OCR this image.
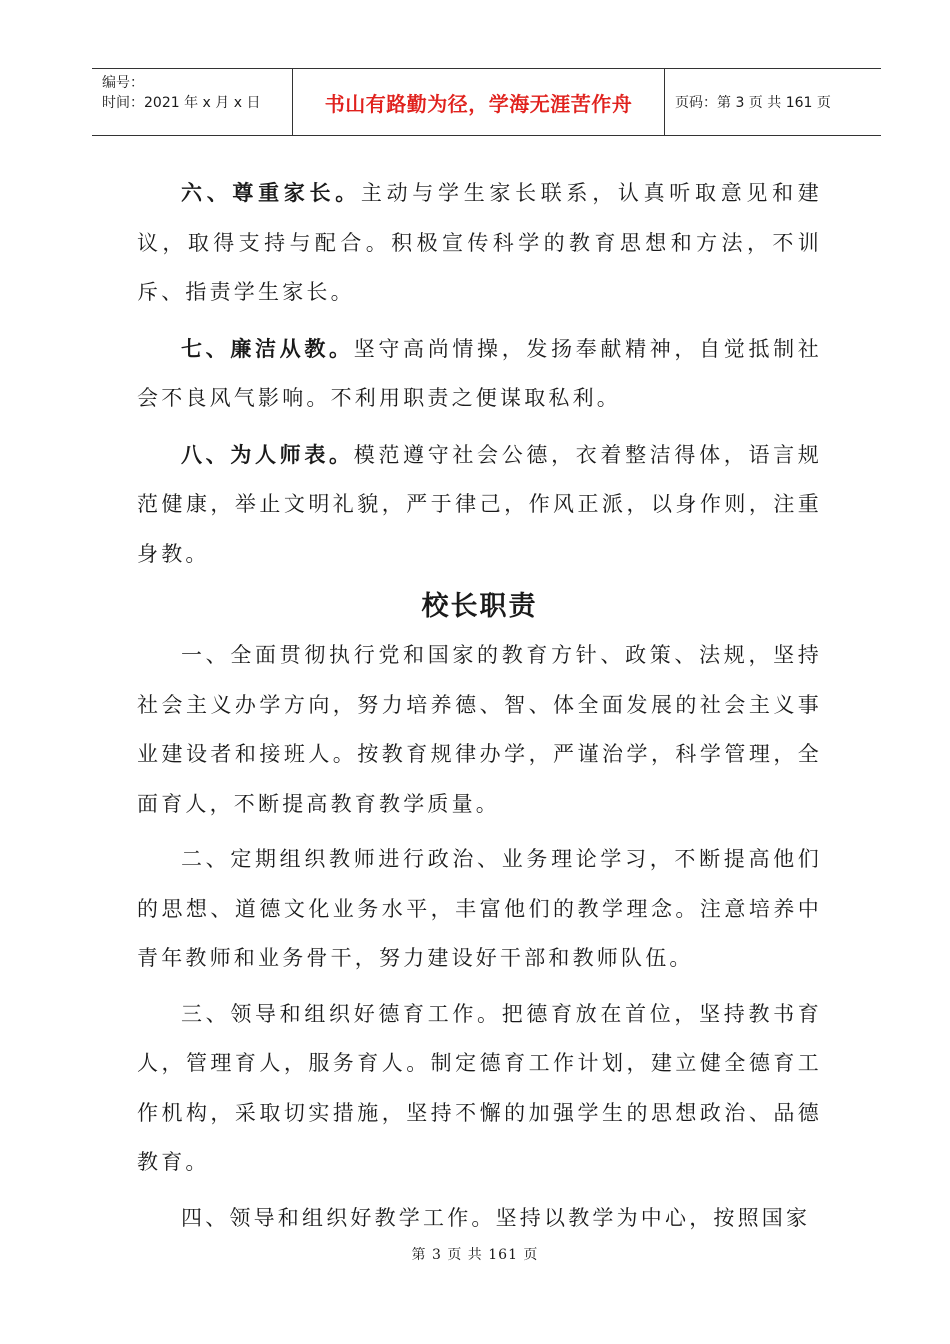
编号：
时间：2021 年 x 月 x 日	书山有路勤为径，学海无涯苦作舟	页码：第 3 页 共 161 页

六、尊重家长。主动与学生家长联系，认真听取意见和建议，取得支持与配合。积极宣传科学的教育思想和方法，不训斥、指责学生家长。

七、廉洁从教。坚守高尚情操，发扬奉献精神，自觉抵制社会不良风气影响。不利用职责之便谋取私利。

八、为人师表。模范遵守社会公德，衣着整洁得体，语言规范健康，举止文明礼貌，严于律己，作风正派，以身作则，注重身教。

校长职责

一、全面贯彻执行党和国家的教育方针、政策、法规，坚持社会主义办学方向，努力培养德、智、体全面发展的社会主义事业建设者和接班人。按教育规律办学，严谨治学，科学管理，全面育人，不断提高教育教学质量。

二、定期组织教师进行政治、业务理论学习，不断提高他们的思想、道德文化业务水平，丰富他们的教学理念。注意培养中青年教师和业务骨干，努力建设好干部和教师队伍。

三、领导和组织好德育工作。把德育放在首位，坚持教书育人，管理育人，服务育人。制定德育工作计划，建立健全德育工作机构，采取切实措施，坚持不懈的加强学生的思想政治、品德教育。

四、领导和组织好教学工作。坚持以教学为中心，按照国家

第 3 页 共 161 页
